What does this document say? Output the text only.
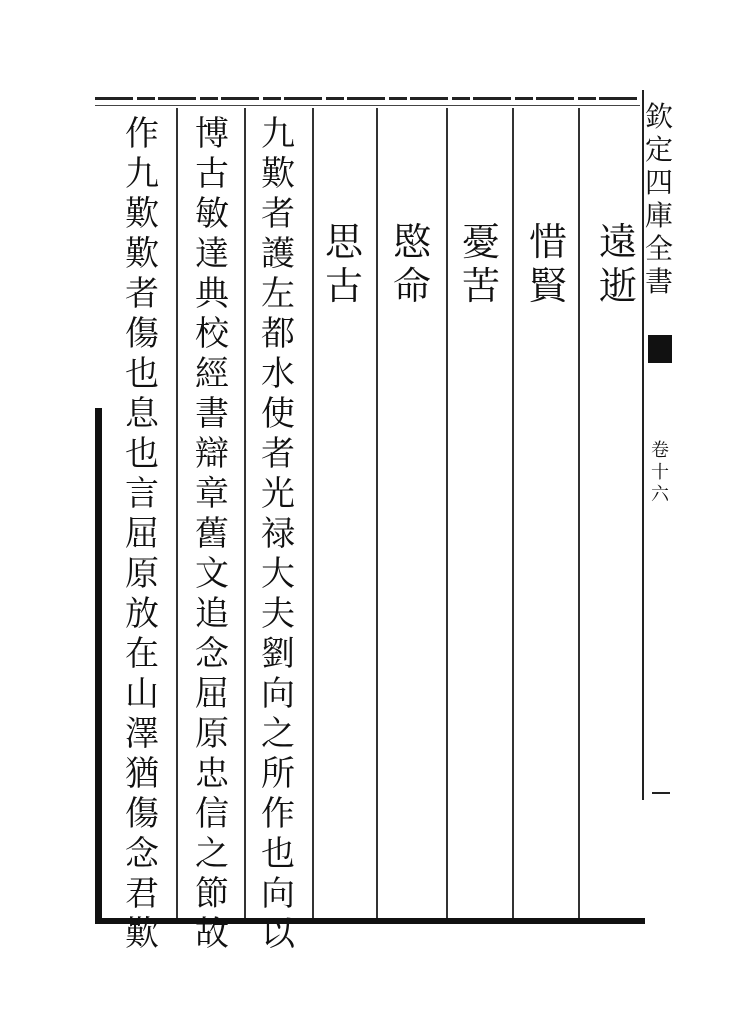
欽
定
四
庫
全
書
卷
十
六
遠
逝
惜
賢
憂
苦
愍
命
思
古
九
歎
者
護
左
都
水
使
者
光
禄
大
夫
劉
向
之
所
作
也
向
以
博
古
敏
達
典
校
經
書
辯
章
舊
文
追
念
屈
原
忠
信
之
節
故
作
九
歎
歎
者
傷
也
息
也
言
屈
原
放
在
山
澤
猶
傷
念
君
歎
